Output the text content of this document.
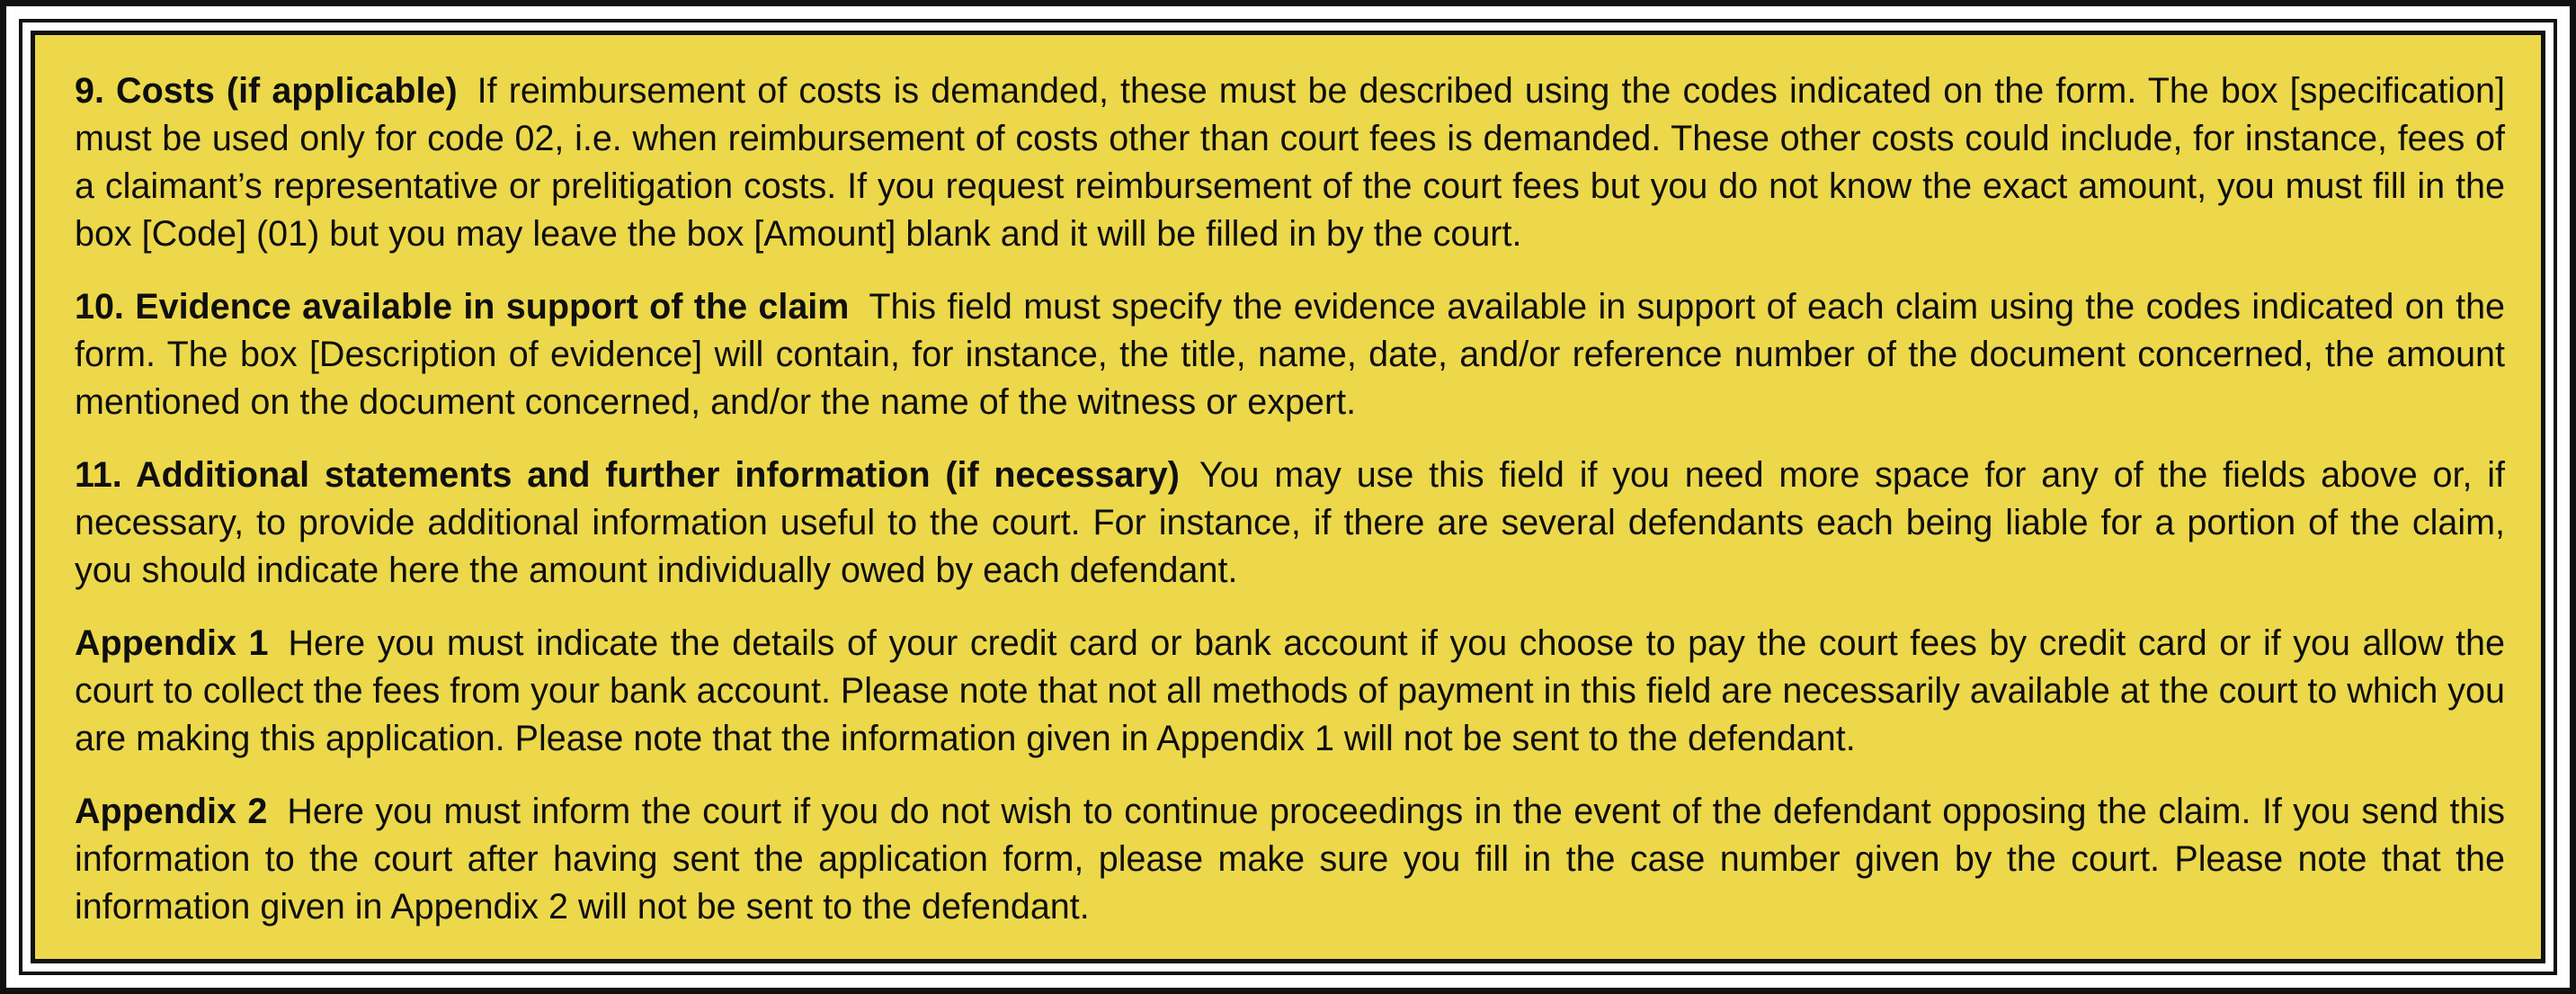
9. Costs (if applicable) If reimbursement of costs is demanded, these must be described using the codes indicated on the form. The box [specification] must be used only for code 02, i.e. when reimbursement of costs other than court fees is demanded. These other costs could include, for instance, fees of a claimant’s representative or prelitigation costs. If you request reimbursement of the court fees but you do not know the exact amount, you must fill in the box [Code] (01) but you may leave the box [Amount] blank and it will be filled in by the court.

10. Evidence available in support of the claim This field must specify the evidence available in support of each claim using the codes indicated on the form. The box [Description of evidence] will contain, for instance, the title, name, date, and/or reference number of the document concerned, the amount mentioned on the document concerned, and/or the name of the witness or expert.

11. Additional statements and further information (if necessary) You may use this field if you need more space for any of the fields above or, if necessary, to provide additional information useful to the court. For instance, if there are several defendants each being liable for a portion of the claim, you should indicate here the amount individually owed by each defendant.

Appendix 1 Here you must indicate the details of your credit card or bank account if you choose to pay the court fees by credit card or if you allow the court to collect the fees from your bank account. Please note that not all methods of payment in this field are necessarily available at the court to which you are making this application. Please note that the information given in Appendix 1 will not be sent to the defendant.

Appendix 2 Here you must inform the court if you do not wish to continue proceedings in the event of the defendant opposing the claim. If you send this information to the court after having sent the application form, please make sure you fill in the case number given by the court. Please note that the information given in Appendix 2 will not be sent to the defendant.
